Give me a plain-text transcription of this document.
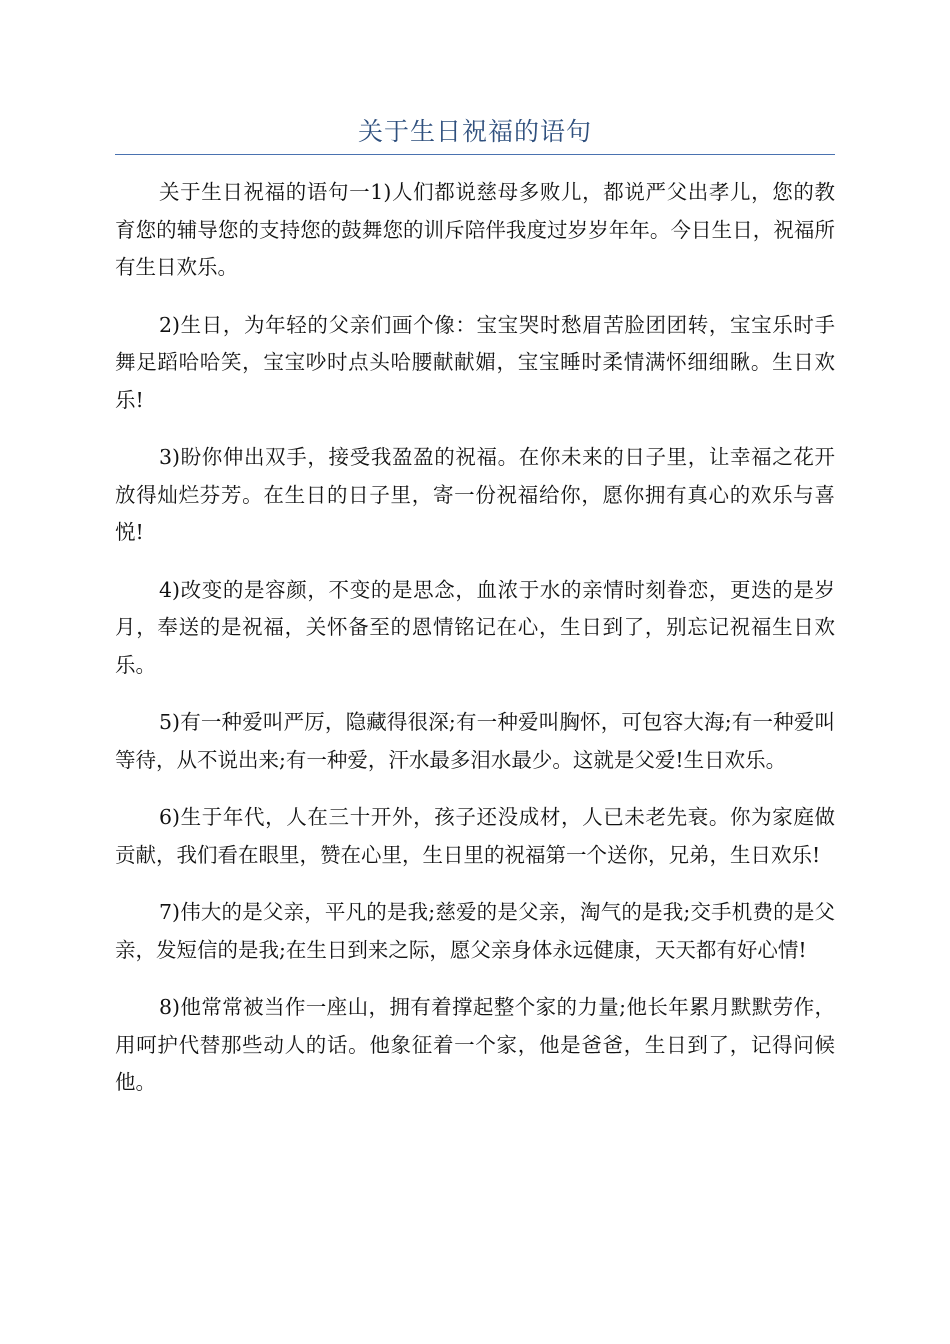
关于生日祝福的语句

关于生日祝福的语句一1)人们都说慈母多败儿，都说严父出孝儿，您的教育您的辅导您的支持您的鼓舞您的训斥陪伴我度过岁岁年年。今日生日，祝福所有生日欢乐。

2)生日，为年轻的父亲们画个像：宝宝哭时愁眉苦脸团团转，宝宝乐时手舞足蹈哈哈笑，宝宝吵时点头哈腰献献媚，宝宝睡时柔情满怀细细瞅。生日欢乐!

3)盼你伸出双手，接受我盈盈的祝福。在你未来的日子里，让幸福之花开放得灿烂芬芳。在生日的日子里，寄一份祝福给你，愿你拥有真心的欢乐与喜悦!

4)改变的是容颜，不变的是思念，血浓于水的亲情时刻眷恋，更迭的是岁月，奉送的是祝福，关怀备至的恩情铭记在心，生日到了，别忘记祝福生日欢乐。

5)有一种爱叫严厉，隐藏得很深;有一种爱叫胸怀，可包容大海;有一种爱叫等待，从不说出来;有一种爱，汗水最多泪水最少。这就是父爱!生日欢乐。

6)生于年代，人在三十开外，孩子还没成材，人已未老先衰。你为家庭做贡献，我们看在眼里，赞在心里，生日里的祝福第一个送你，兄弟，生日欢乐!

7)伟大的是父亲，平凡的是我;慈爱的是父亲，淘气的是我;交手机费的是父亲，发短信的是我;在生日到来之际，愿父亲身体永远健康，天天都有好心情!

8)他常常被当作一座山，拥有着撑起整个家的力量;他长年累月默默劳作，用呵护代替那些动人的话。他象征着一个家，他是爸爸，生日到了，记得问候他。
